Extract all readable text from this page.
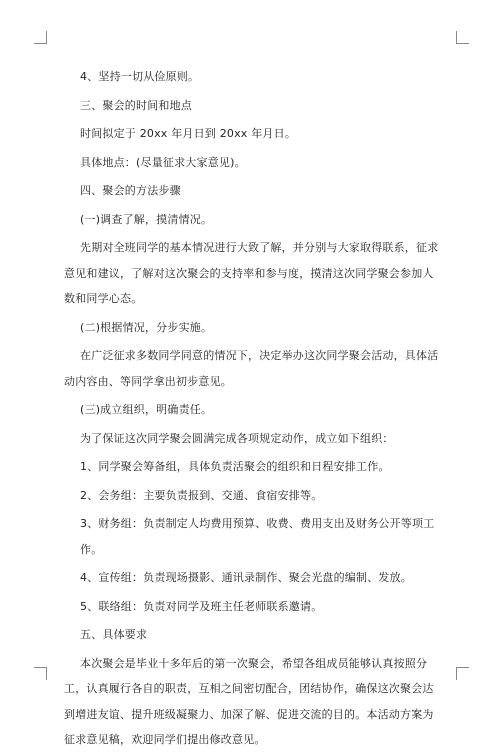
4、坚持一切从俭原则。

三、聚会的时间和地点

时间拟定于 20xx 年月日到 20xx 年月日。

具体地点：(尽量征求大家意见)。

四、聚会的方法步骤

(一)调查了解，摸清情况。

先期对全班同学的基本情况进行大致了解，并分别与大家取得联系，征求意见和建议，了解对这次聚会的支持率和参与度，摸清这次同学聚会参加人数和同学心态。

(二)根据情况，分步实施。

在广泛征求多数同学同意的情况下，决定举办这次同学聚会活动，具体活动内容由、等同学拿出初步意见。

(三)成立组织，明确责任。

为了保证这次同学聚会圆满完成各项规定动作，成立如下组织：

1、同学聚会筹备组，具体负责活聚会的组织和日程安排工作。

2、会务组：主要负责报到、交通、食宿安排等。

3、财务组：负责制定人均费用预算、收费、费用支出及财务公开等项工作。

4、宣传组：负责现场摄影、通讯录制作、聚会光盘的编制、发放。

5、联络组：负责对同学及班主任老师联系邀请。

五、具体要求

本次聚会是毕业十多年后的第一次聚会，希望各组成员能够认真按照分工，认真履行各自的职责，互相之间密切配合，团结协作，确保这次聚会达到增进友谊、提升班级凝聚力、加深了解、促进交流的目的。本活动方案为征求意见稿，欢迎同学们提出修改意见。
